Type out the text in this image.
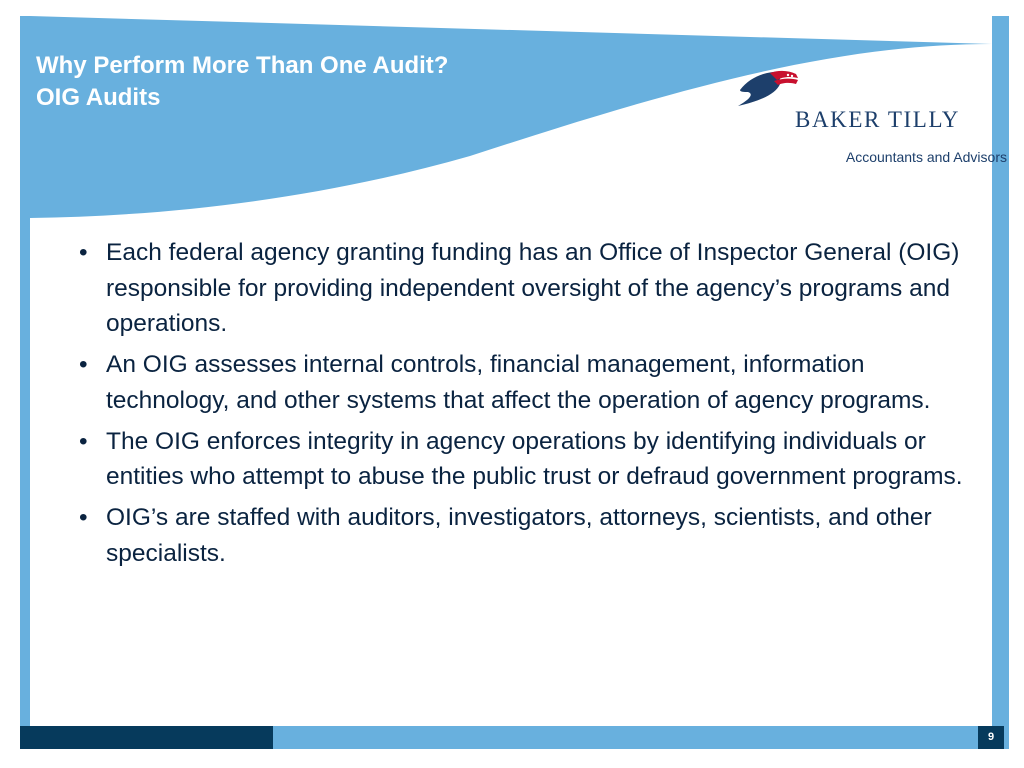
Why Perform More Than One Audit?
OIG Audits
BAKER TILLY
Accountants and Advisors
• Each federal agency granting funding has an Office of Inspector General (OIG) responsible for providing independent oversight of the agency’s programs and operations.
• An OIG assesses internal controls, financial management, information technology, and other systems that affect the operation of agency programs.
• The OIG enforces integrity in agency operations by identifying individuals or entities who attempt to abuse the public trust or defraud government programs.
• OIG’s are staffed with auditors, investigators, attorneys, scientists, and other specialists.
9
